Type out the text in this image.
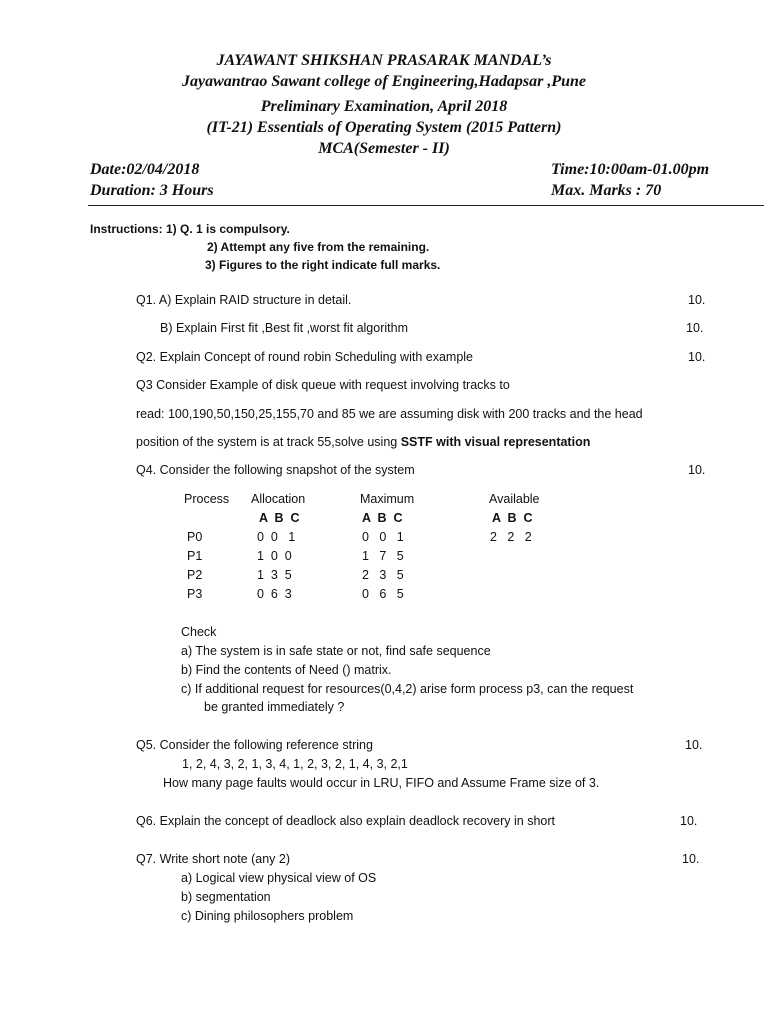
JAYAWANT SHIKSHAN PRASARAK MANDAL’s
Jayawantrao Sawant college of Engineering,Hadapsar ,Pune
Preliminary Examination, April 2018
(IT-21) Essentials of Operating System (2015 Pattern)
MCA(Semester - II)
Date:02/04/2018	Time:10:00am-01.00pm
Duration: 3 Hours	Max. Marks : 70
Instructions: 1) Q. 1 is compulsory.
2) Attempt any five from the remaining.
3) Figures to the right indicate full marks.
Q1. A) Explain RAID structure in detail.	10.
B) Explain First fit ,Best fit ,worst fit algorithm	10.
Q2. Explain Concept of round robin Scheduling with example	10.
Q3 Consider Example of disk queue with request involving tracks to
read: 100,190,50,150,25,155,70 and 85 we are assuming disk with 200 tracks and the head
position of the system is at track 55,solve using SSTF with visual representation
Q4. Consider the following snapshot of the system	10.
Process Allocation	Maximum	Available
A  B  C	A  B  C	A  B  C
P0	0  0   1	0   0   1	2   2   2
P1	1  0  0	1   7   5
P2	1  3  5	2   3   5
P3	0  6  3	0   6   5
Check
a) The system is in safe state or not, find safe sequence
b) Find the contents of Need () matrix.
c) If additional request for resources(0,4,2) arise form process p3, can the request
be granted immediately ?
Q5. Consider the following reference string	10.
1, 2, 4, 3, 2, 1, 3, 4, 1, 2, 3, 2, 1, 4, 3, 2,1
How many page faults would occur in LRU, FIFO and Assume Frame size of 3.
Q6. Explain the concept of deadlock also explain deadlock recovery in short	10.
Q7. Write short note (any 2)	10.
a) Logical view physical view of OS
b) segmentation
c) Dining philosophers problem
